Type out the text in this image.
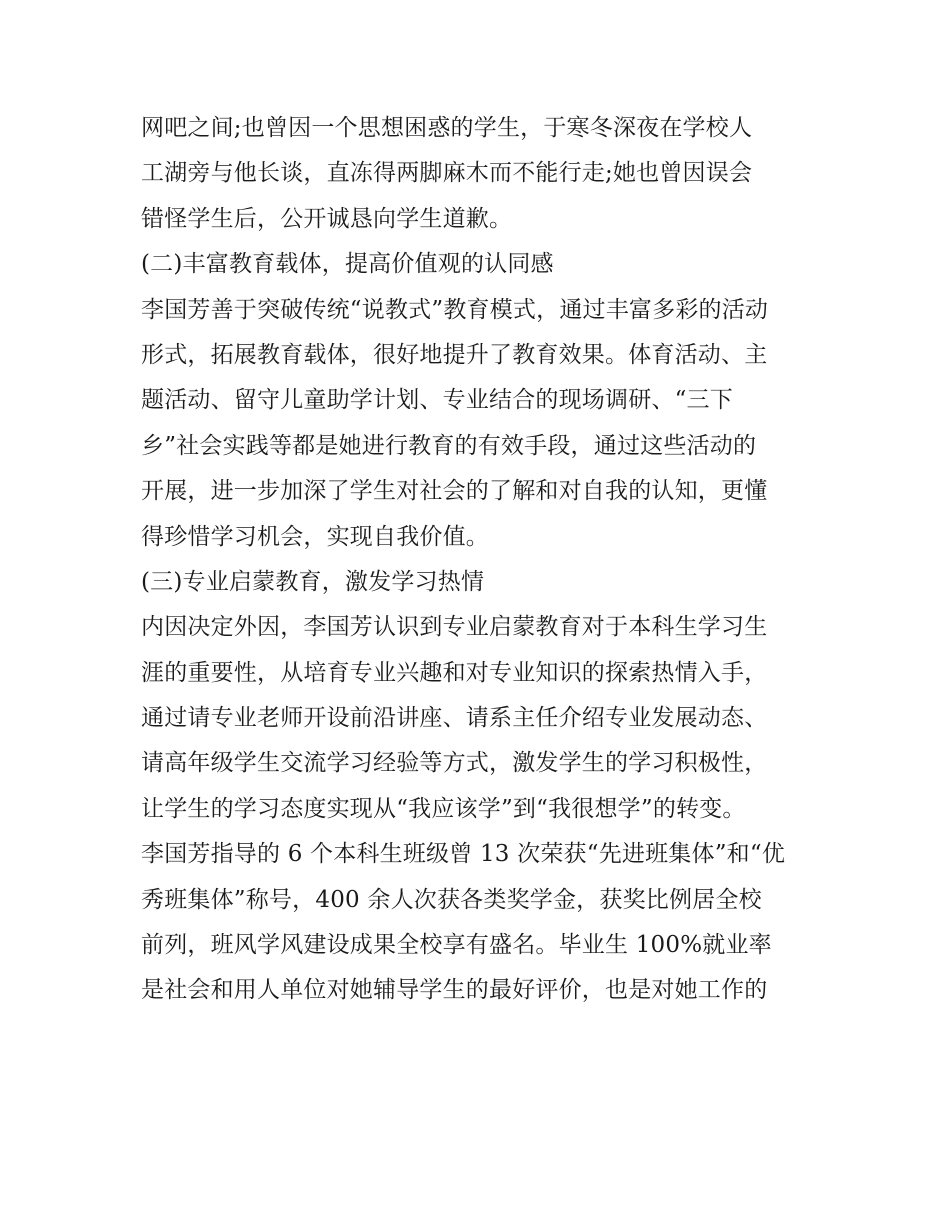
网吧之间;也曾因一个思想困惑的学生，于寒冬深夜在学校人
工湖旁与他长谈，直冻得两脚麻木而不能行走;她也曾因误会
错怪学生后，公开诚恳向学生道歉。
(二)丰富教育载体，提高价值观的认同感
李国芳善于突破传统“说教式”教育模式，通过丰富多彩的活动
形式，拓展教育载体，很好地提升了教育效果。体育活动、主
题活动、留守儿童助学计划、专业结合的现场调研、“三下
乡”社会实践等都是她进行教育的有效手段，通过这些活动的
开展，进一步加深了学生对社会的了解和对自我的认知，更懂
得珍惜学习机会，实现自我价值。
(三)专业启蒙教育，激发学习热情
内因决定外因，李国芳认识到专业启蒙教育对于本科生学习生
涯的重要性，从培育专业兴趣和对专业知识的探索热情入手，
通过请专业老师开设前沿讲座、请系主任介绍专业发展动态、
请高年级学生交流学习经验等方式，激发学生的学习积极性，
让学生的学习态度实现从“我应该学”到“我很想学”的转变。
李国芳指导的 6 个本科生班级曾 13 次荣获“先进班集体”和“优
秀班集体”称号，400 余人次获各类奖学金，获奖比例居全校
前列，班风学风建设成果全校享有盛名。毕业生 100%就业率
是社会和用人单位对她辅导学生的最好评价，也是对她工作的
